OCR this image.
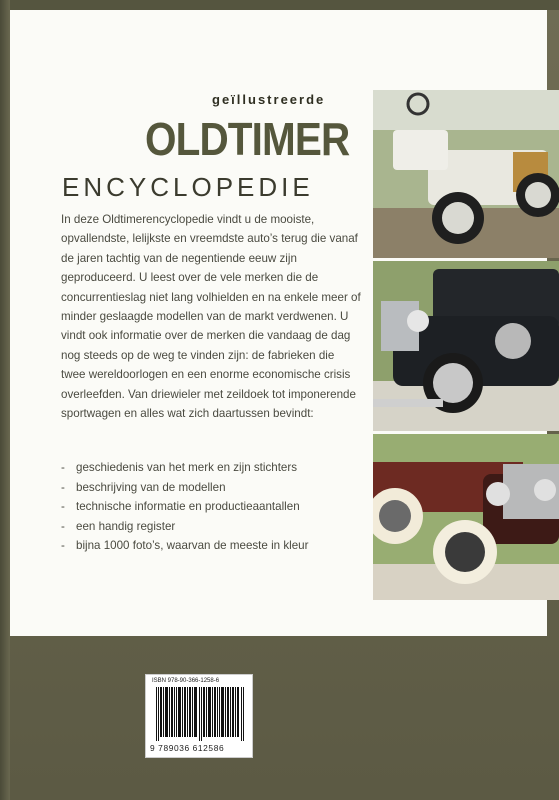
geïllustreerde
OLDTIMER
ENCYCLOPEDIE

In deze Oldtimerencyclopedie vindt u de mooiste, opvallendste, lelijkste en vreemdste auto’s terug die vanaf de jaren tachtig van de negentiende eeuw zijn geproduceerd. U leest over de vele merken die de concurrentieslag niet lang volhielden en na enkele meer of minder geslaagde modellen van de markt verdwenen. U vindt ook informatie over de merken die vandaag de dag nog steeds op de weg te vinden zijn: de fabrieken die twee wereldoorlogen en een enorme economische crisis overleefden. Van driewieler met zeildoek tot imponerende sportwagen en alles wat zich daartussen bevindt:

- geschiedenis van het merk en zijn stichters
- beschrijving van de modellen
- technische informatie en productieaantallen
- een handig register
- bijna 1000 foto’s, waarvan de meeste in kleur
ISBN 978-90-366-1258-6
9 789036 612586
